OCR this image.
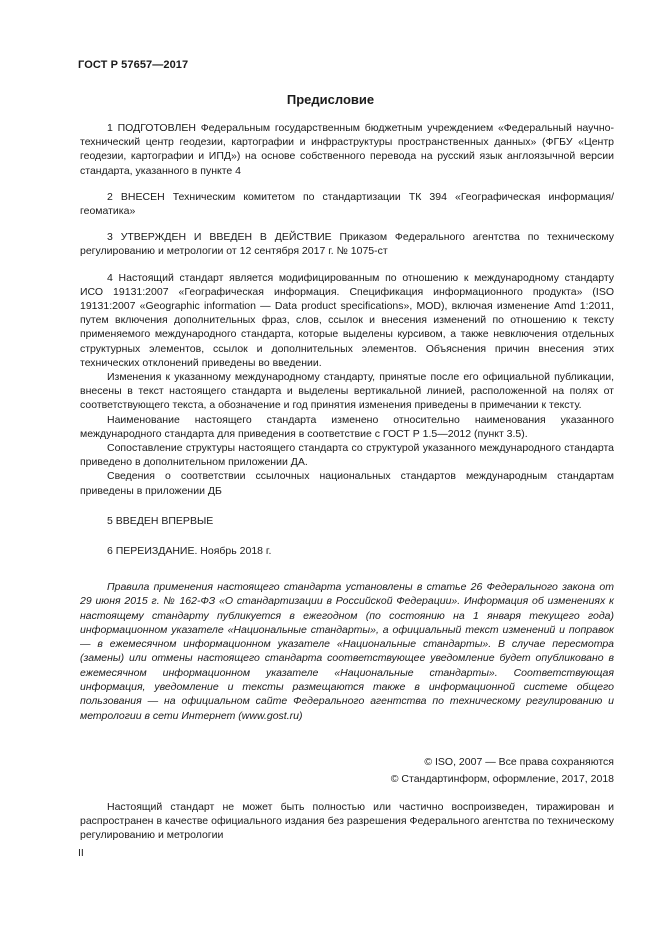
ГОСТ Р 57657—2017
Предисловие

1 ПОДГОТОВЛЕН Федеральным государственным бюджетным учреждением «Федеральный научно-технический центр геодезии, картографии и инфраструктуры пространственных данных» (ФГБУ «Центр геодезии, картографии и ИПД») на основе собственного перевода на русский язык англоязычной версии стандарта, указанного в пункте 4

2 ВНЕСЕН Техническим комитетом по стандартизации ТК 394 «Географическая информация/геоматика»

3 УТВЕРЖДЕН И ВВЕДЕН В ДЕЙСТВИЕ Приказом Федерального агентства по техническому регулированию и метрологии от 12 сентября 2017 г. № 1075-ст

4 Настоящий стандарт является модифицированным по отношению к международному стандарту ИСО 19131:2007 «Географическая информация. Спецификация информационного продукта» (ISO 19131:2007 «Geographic information — Data product specifications», MOD), включая изменение Amd 1:2011, путем включения дополнительных фраз, слов, ссылок и внесения изменений по отношению к тексту применяемого международного стандарта, которые выделены курсивом, а также невключения отдельных структурных элементов, ссылок и дополнительных элементов. Объяснения причин внесения этих технических отклонений приведены во введении.

Изменения к указанному международному стандарту, принятые после его официальной публикации, внесены в текст настоящего стандарта и выделены вертикальной линией, расположенной на полях от соответствующего текста, а обозначение и год принятия изменения приведены в примечании к тексту.

Наименование настоящего стандарта изменено относительно наименования указанного международного стандарта для приведения в соответствие с ГОСТ Р 1.5—2012 (пункт 3.5).

Сопоставление структуры настоящего стандарта со структурой указанного международного стандарта приведено в дополнительном приложении ДА.

Сведения о соответствии ссылочных национальных стандартов международным стандартам приведены в приложении ДБ

5 ВВЕДЕН ВПЕРВЫЕ

6 ПЕРЕИЗДАНИЕ. Ноябрь 2018 г.

Правила применения настоящего стандарта установлены в статье 26 Федерального закона от 29 июня 2015 г. № 162-ФЗ «О стандартизации в Российской Федерации». Информация об изменениях к настоящему стандарту публикуется в ежегодном (по состоянию на 1 января текущего года) информационном указателе «Национальные стандарты», а официальный текст изменений и поправок — в ежемесячном информационном указателе «Национальные стандарты». В случае пересмотра (замены) или отмены настоящего стандарта соответствующее уведомление будет опубликовано в ежемесячном информационном указателе «Национальные стандарты». Соответствующая информация, уведомление и тексты размещаются также в информационной системе общего пользования — на официальном сайте Федерального агентства по техническому регулированию и метрологии в сети Интернет (www.gost.ru)

© ISO, 2007 — Все права сохраняются
© Стандартинформ, оформление, 2017, 2018

Настоящий стандарт не может быть полностью или частично воспроизведен, тиражирован и распространен в качестве официального издания без разрешения Федерального агентства по техническому регулированию и метрологии

II
